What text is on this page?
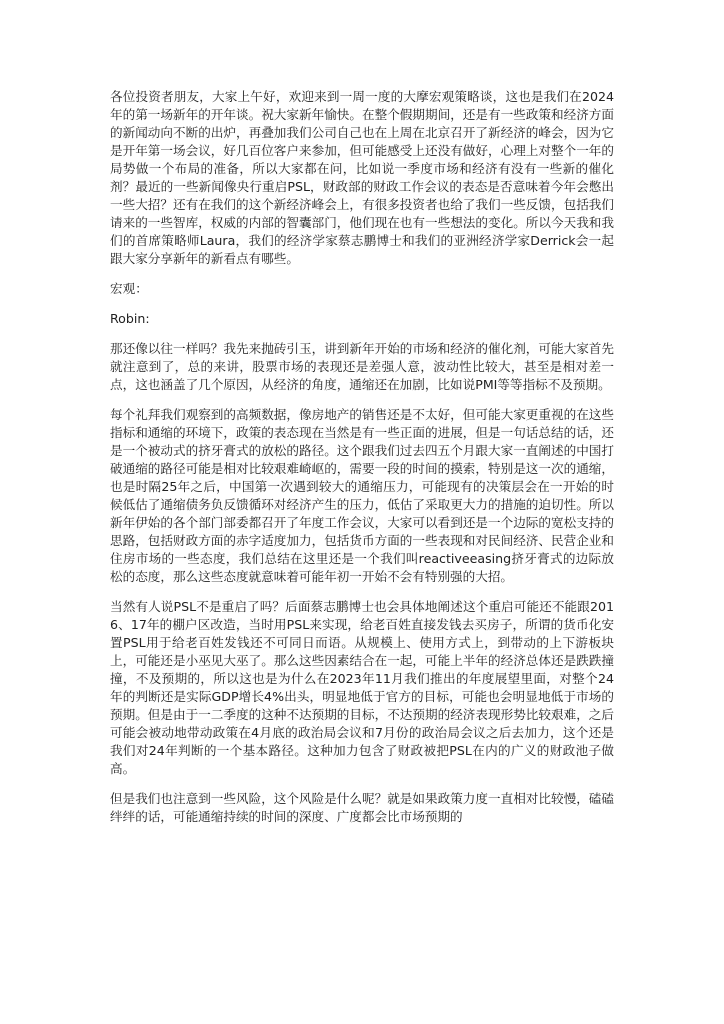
各位投资者朋友，大家上午好，欢迎来到一周一度的大摩宏观策略谈，这也是我们在2024年的第一场新年的开年谈。祝大家新年愉快。在整个假期期间，还是有一些政策和经济方面的新闻动向不断的出炉，再叠加我们公司自己也在上周在北京召开了新经济的峰会，因为它是开年第一场会议，好几百位客户来参加，但可能感受上还没有做好，心理上对整个一年的局势做一个布局的准备，所以大家都在问，比如说一季度市场和经济有没有一些新的催化剂？最近的一些新闻像央行重启PSL，财政部的财政工作会议的表态是否意味着今年会憋出一些大招？还有在我们的这个新经济峰会上，有很多投资者也给了我们一些反馈，包括我们请来的一些智库，权威的内部的智囊部门，他们现在也有一些想法的变化。所以今天我和我们的首席策略师Laura，我们的经济学家蔡志鹏博士和我们的亚洲经济学家Derrick会一起跟大家分享新年的新看点有哪些。

宏观：

Robin:

那还像以往一样吗？我先来抛砖引玉，讲到新年开始的市场和经济的催化剂，可能大家首先就注意到了，总的来讲，股票市场的表现还是差强人意，波动性比较大，甚至是相对差一点，这也涵盖了几个原因，从经济的角度，通缩还在加剧，比如说PMI等等指标不及预期。

每个礼拜我们观察到的高频数据，像房地产的销售还是不太好，但可能大家更重视的在这些指标和通缩的环境下，政策的表态现在当然是有一些正面的进展，但是一句话总结的话，还是一个被动式的挤牙膏式的放松的路径。这个跟我们过去四五个月跟大家一直阐述的中国打破通缩的路径可能是相对比较艰难崎岖的，需要一段的时间的摸索，特别是这一次的通缩，也是时隔25年之后，中国第一次遇到较大的通缩压力，可能现有的决策层会在一开始的时候低估了通缩债务负反馈循环对经济产生的压力，低估了采取更大力的措施的迫切性。所以新年伊始的各个部门部委都召开了年度工作会议，大家可以看到还是一个边际的宽松支持的思路，包括财政方面的赤字适度加力，包括货币方面的一些表现和对民间经济、民营企业和住房市场的一些态度，我们总结在这里还是一个我们叫reactiveeasing挤牙膏式的边际放松的态度，那么这些态度就意味着可能年初一开始不会有特别强的大招。

当然有人说PSL不是重启了吗？后面蔡志鹏博士也会具体地阐述这个重启可能还不能跟2016、17年的棚户区改造，当时用PSL来实现，给老百姓直接发钱去买房子，所谓的货币化安置PSL用于给老百姓发钱还不可同日而语。从规模上、使用方式上，到带动的上下游板块上，可能还是小巫见大巫了。那么这些因素结合在一起，可能上半年的经济总体还是跌跌撞撞，不及预期的，所以这也是为什么在2023年11月我们推出的年度展望里面，对整个24年的判断还是实际GDP增长4%出头，明显地低于官方的目标，可能也会明显地低于市场的预期。但是由于一二季度的这种不达预期的目标，不达预期的经济表现形势比较艰难，之后可能会被动地带动政策在4月底的政治局会议和7月份的政治局会议之后去加力，这个还是我们对24年判断的一个基本路径。这种加力包含了财政被把PSL在内的广义的财政池子做高。

但是我们也注意到一些风险，这个风险是什么呢？就是如果政策力度一直相对比较慢，磕磕绊绊的话，可能通缩持续的时间的深度、广度都会比市场预期的
